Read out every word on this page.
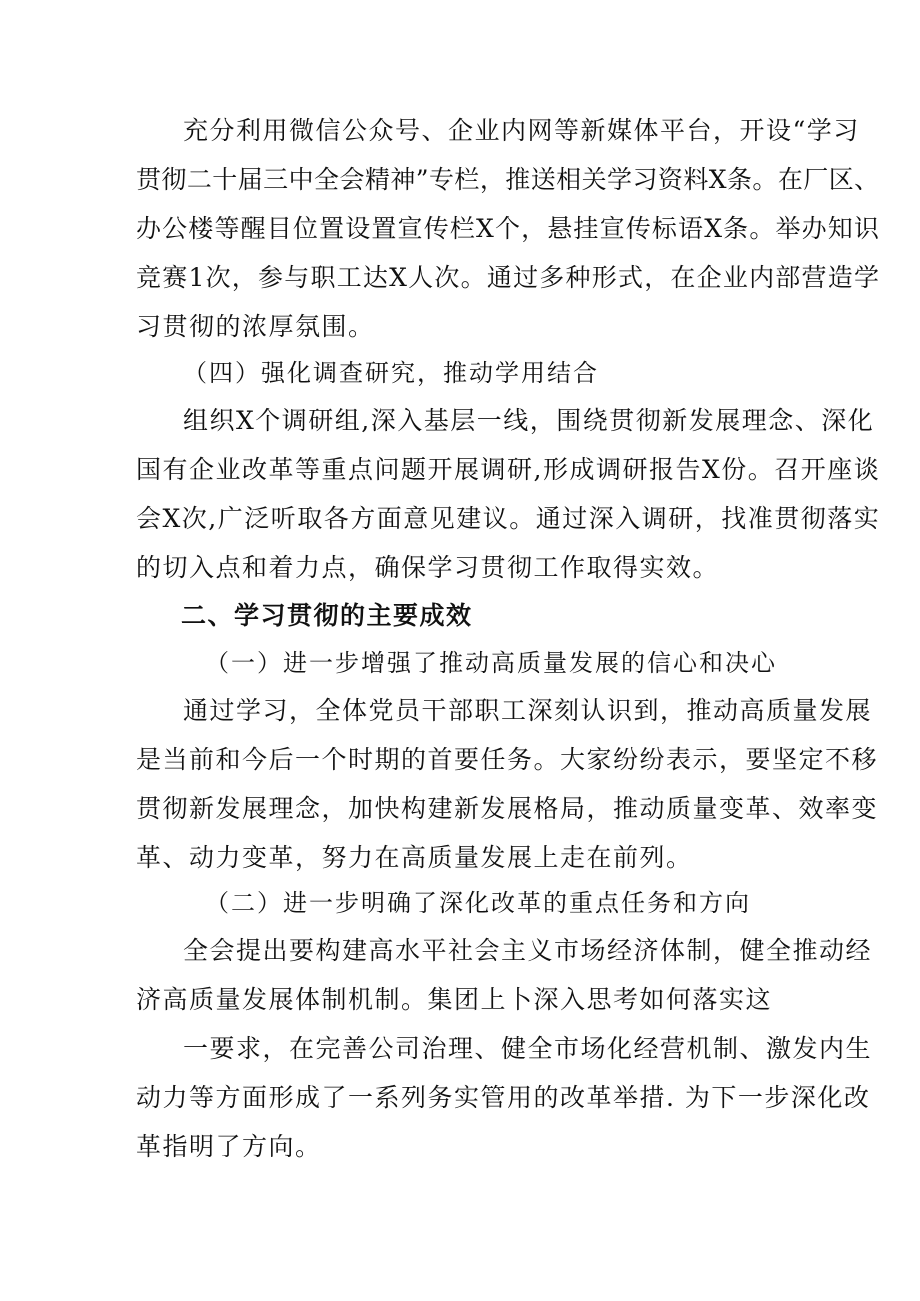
充分利用微信公众号、企业内网等新媒体平台，开设“学习
贯彻二十届三中全会精神”专栏，推送相关学习资料X条。在厂区、
办公楼等醒目位置设置宣传栏X个，悬挂宣传标语X条。举办知识
竞赛1次，参与职工达X人次。通过多种形式，在企业内部营造学
习贯彻的浓厚氛围。
（四）强化调查研究，推动学用结合
组织X个调研组,深入基层一线，围绕贯彻新发展理念、深化
国有企业改革等重点问题开展调研,形成调研报告X份。召开座谈
会X次,广泛听取各方面意见建议。通过深入调研，找准贯彻落实
的切入点和着力点，确保学习贯彻工作取得实效。
二、学习贯彻的主要成效
（一）进一步增强了推动高质量发展的信心和决心
通过学习，全体党员干部职工深刻认识到，推动高质量发展
是当前和今后一个时期的首要任务。大家纷纷表示，要坚定不移
贯彻新发展理念，加快构建新发展格局，推动质量变革、效率变
革、动力变革，努力在高质量发展上走在前列。
（二）进一步明确了深化改革的重点任务和方向
全会提出要构建高水平社会主义市场经济体制，健全推动经
济高质量发展体制机制。集团上卜深入思考如何落实这
一要求，在完善公司治理、健全市场化经营机制、激发内生
动力等方面形成了一系列务实管用的改革举措. 为下一步深化改
革指明了方向。
